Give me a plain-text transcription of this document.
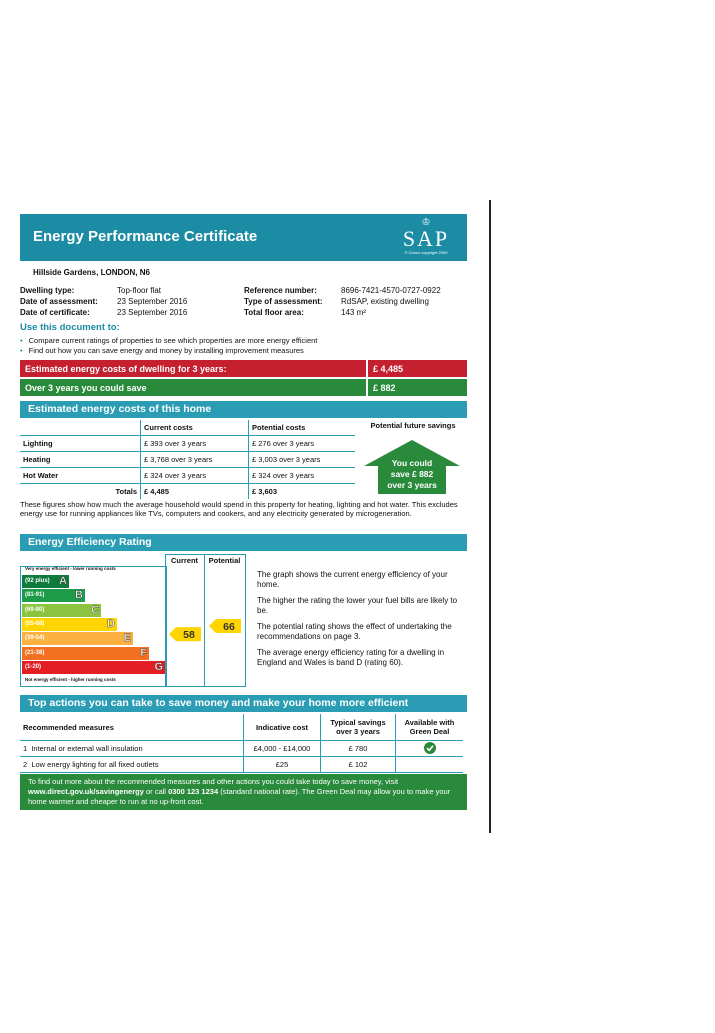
Energy Performance Certificate
♔
SAP
© Crown copyright 2009
Hillside Gardens, LONDON, N6
Dwelling type:	Top-floor flat
Date of assessment: 23 September 2016
Date of certificate:	23 September 2016
Reference number:	8696-7421-4570-0727-0922
Type of assessment: RdSAP, existing dwelling
Total floor area:	143 m²
Use this document to:
• Compare current ratings of properties to see which properties are more energy efficient
• Find out how you can save energy and money by installing improvement measures
Estimated energy costs of dwelling for 3 years:	£ 4,485
Over 3 years you could save	£ 882
Estimated energy costs of this home
	Current costs	Potential costs
Lighting	£ 393 over 3 years	£ 276 over 3 years
Heating	£ 3,768 over 3 years	£ 3,003 over 3 years
Hot Water	£ 324 over 3 years	£ 324 over 3 years
Totals	£ 4,485	£ 3,603
Potential future savings
You could
save £ 882
over 3 years
These figures show how much the average household would spend in this property for heating, lighting and hot water. This excludes energy use for running appliances like TVs, computers and cookers, and any electricity generated by microgeneration.
Energy Efficiency Rating
Current	Potential
Very energy efficient - lower running costs
Not energy efficient - higher running costs
(92 plus) A
(81-91)	B
(69-80)	C
(55-68)	D
(39-54)	E
(21-38)	F
(1-20)	G
58
66

The graph shows the current energy efficiency of your home.

The higher the rating the lower your fuel bills are likely to be.

The potential rating shows the effect of undertaking the recommendations on page 3.

The average energy efficiency rating for a dwelling in England and Wales is band D (rating 60).

Top actions you can take to save money and make your home more efficient
Recommended measures	Indicative cost	Typical savings over 3 years	Available with Green Deal
1 Internal or external wall insulation	£4,000 - £14,000	£ 780	
2 Low energy lighting for all fixed outlets	£25	£ 102	
To find out more about the recommended measures and other actions you could take today to save money, visit www.direct.gov.uk/savingenergy or call 0300 123 1234 (standard national rate). The Green Deal may allow you to make your home warmer and cheaper to run at no up-front cost.
